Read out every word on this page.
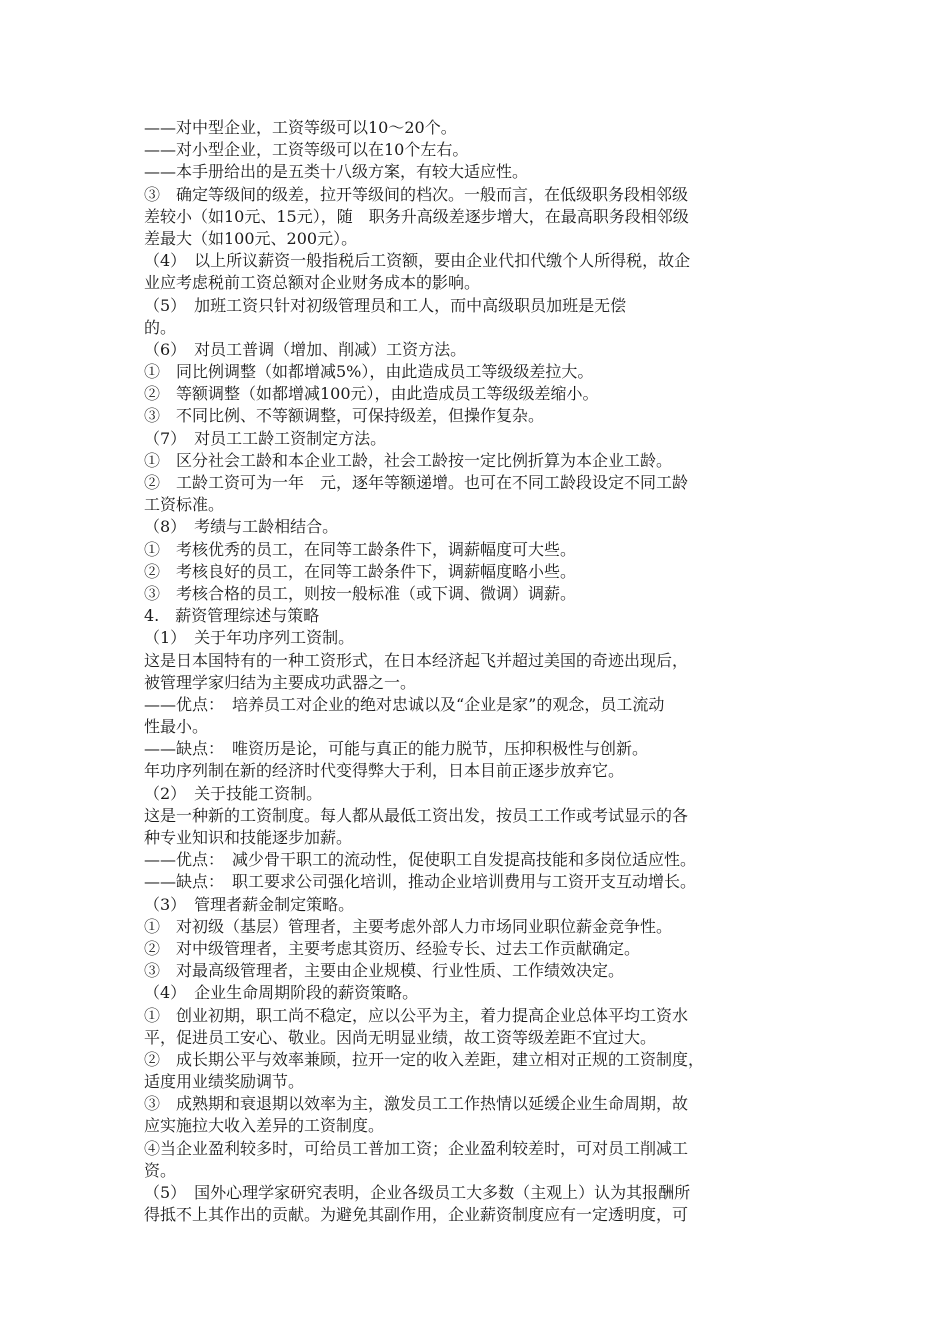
——对中型企业，工资等级可以10～20个。
——对小型企业，工资等级可以在10个左右。
——本手册给出的是五类十八级方案，有较大适应性。
③　确定等级间的级差，拉开等级间的档次。一般而言，在低级职务段相邻级
差较小（如10元、15元），随　职务升高级差逐步增大，在最高职务段相邻级
差最大（如100元、200元）。
（4）　以上所议薪资一般指税后工资额，要由企业代扣代缴个人所得税，故企
业应考虑税前工资总额对企业财务成本的影响。
（5）　加班工资只针对初级管理员和工人，而中高级职员加班是无偿
的。
（6）　对员工普调（增加、削减）工资方法。
①　同比例调整（如都增减5%），由此造成员工等级级差拉大。
②　等额调整（如都增减100元），由此造成员工等级级差缩小。
③　不同比例、不等额调整，可保持级差，但操作复杂。
（7）　对员工工龄工资制定方法。
①　区分社会工龄和本企业工龄，社会工龄按一定比例折算为本企业工龄。
②　工龄工资可为一年　元，逐年等额递增。也可在不同工龄段设定不同工龄
工资标准。
（8）　考绩与工龄相结合。
①　考核优秀的员工，在同等工龄条件下，调薪幅度可大些。
②　考核良好的员工，在同等工龄条件下，调薪幅度略小些。
③　考核合格的员工，则按一般标准（或下调、微调）调薪。
4.　薪资管理综述与策略
（1）　关于年功序列工资制。
这是日本国特有的一种工资形式，在日本经济起飞并超过美国的奇迹出现后，
被管理学家归结为主要成功武器之一。
——优点：　培养员工对企业的绝对忠诚以及“企业是家”的观念，员工流动
性最小。
——缺点：　唯资历是论，可能与真正的能力脱节，压抑积极性与创新。
年功序列制在新的经济时代变得弊大于利，日本目前正逐步放弃它。
（2）　关于技能工资制。
这是一种新的工资制度。每人都从最低工资出发，按员工工作或考试显示的各
种专业知识和技能逐步加薪。
——优点：　减少骨干职工的流动性，促使职工自发提高技能和多岗位适应性。
——缺点：　职工要求公司强化培训，推动企业培训费用与工资开支互动增长。
（3）　管理者薪金制定策略。
①　对初级（基层）管理者，主要考虑外部人力市场同业职位薪金竞争性。
②　对中级管理者，主要考虑其资历、经验专长、过去工作贡献确定。
③　对最高级管理者，主要由企业规模、行业性质、工作绩效决定。
（4）　企业生命周期阶段的薪资策略。
①　创业初期，职工尚不稳定，应以公平为主，着力提高企业总体平均工资水
平，促进员工安心、敬业。因尚无明显业绩，故工资等级差距不宜过大。
②　成长期公平与效率兼顾，拉开一定的收入差距，建立相对正规的工资制度，
适度用业绩奖励调节。
③　成熟期和衰退期以效率为主，激发员工工作热情以延缓企业生命周期，故
应实施拉大收入差异的工资制度。
④当企业盈利较多时，可给员工普加工资；企业盈利较差时，可对员工削减工
资。
（5）　国外心理学家研究表明，企业各级员工大多数（主观上）认为其报酬所
得抵不上其作出的贡献。为避免其副作用，企业薪资制度应有一定透明度，可
